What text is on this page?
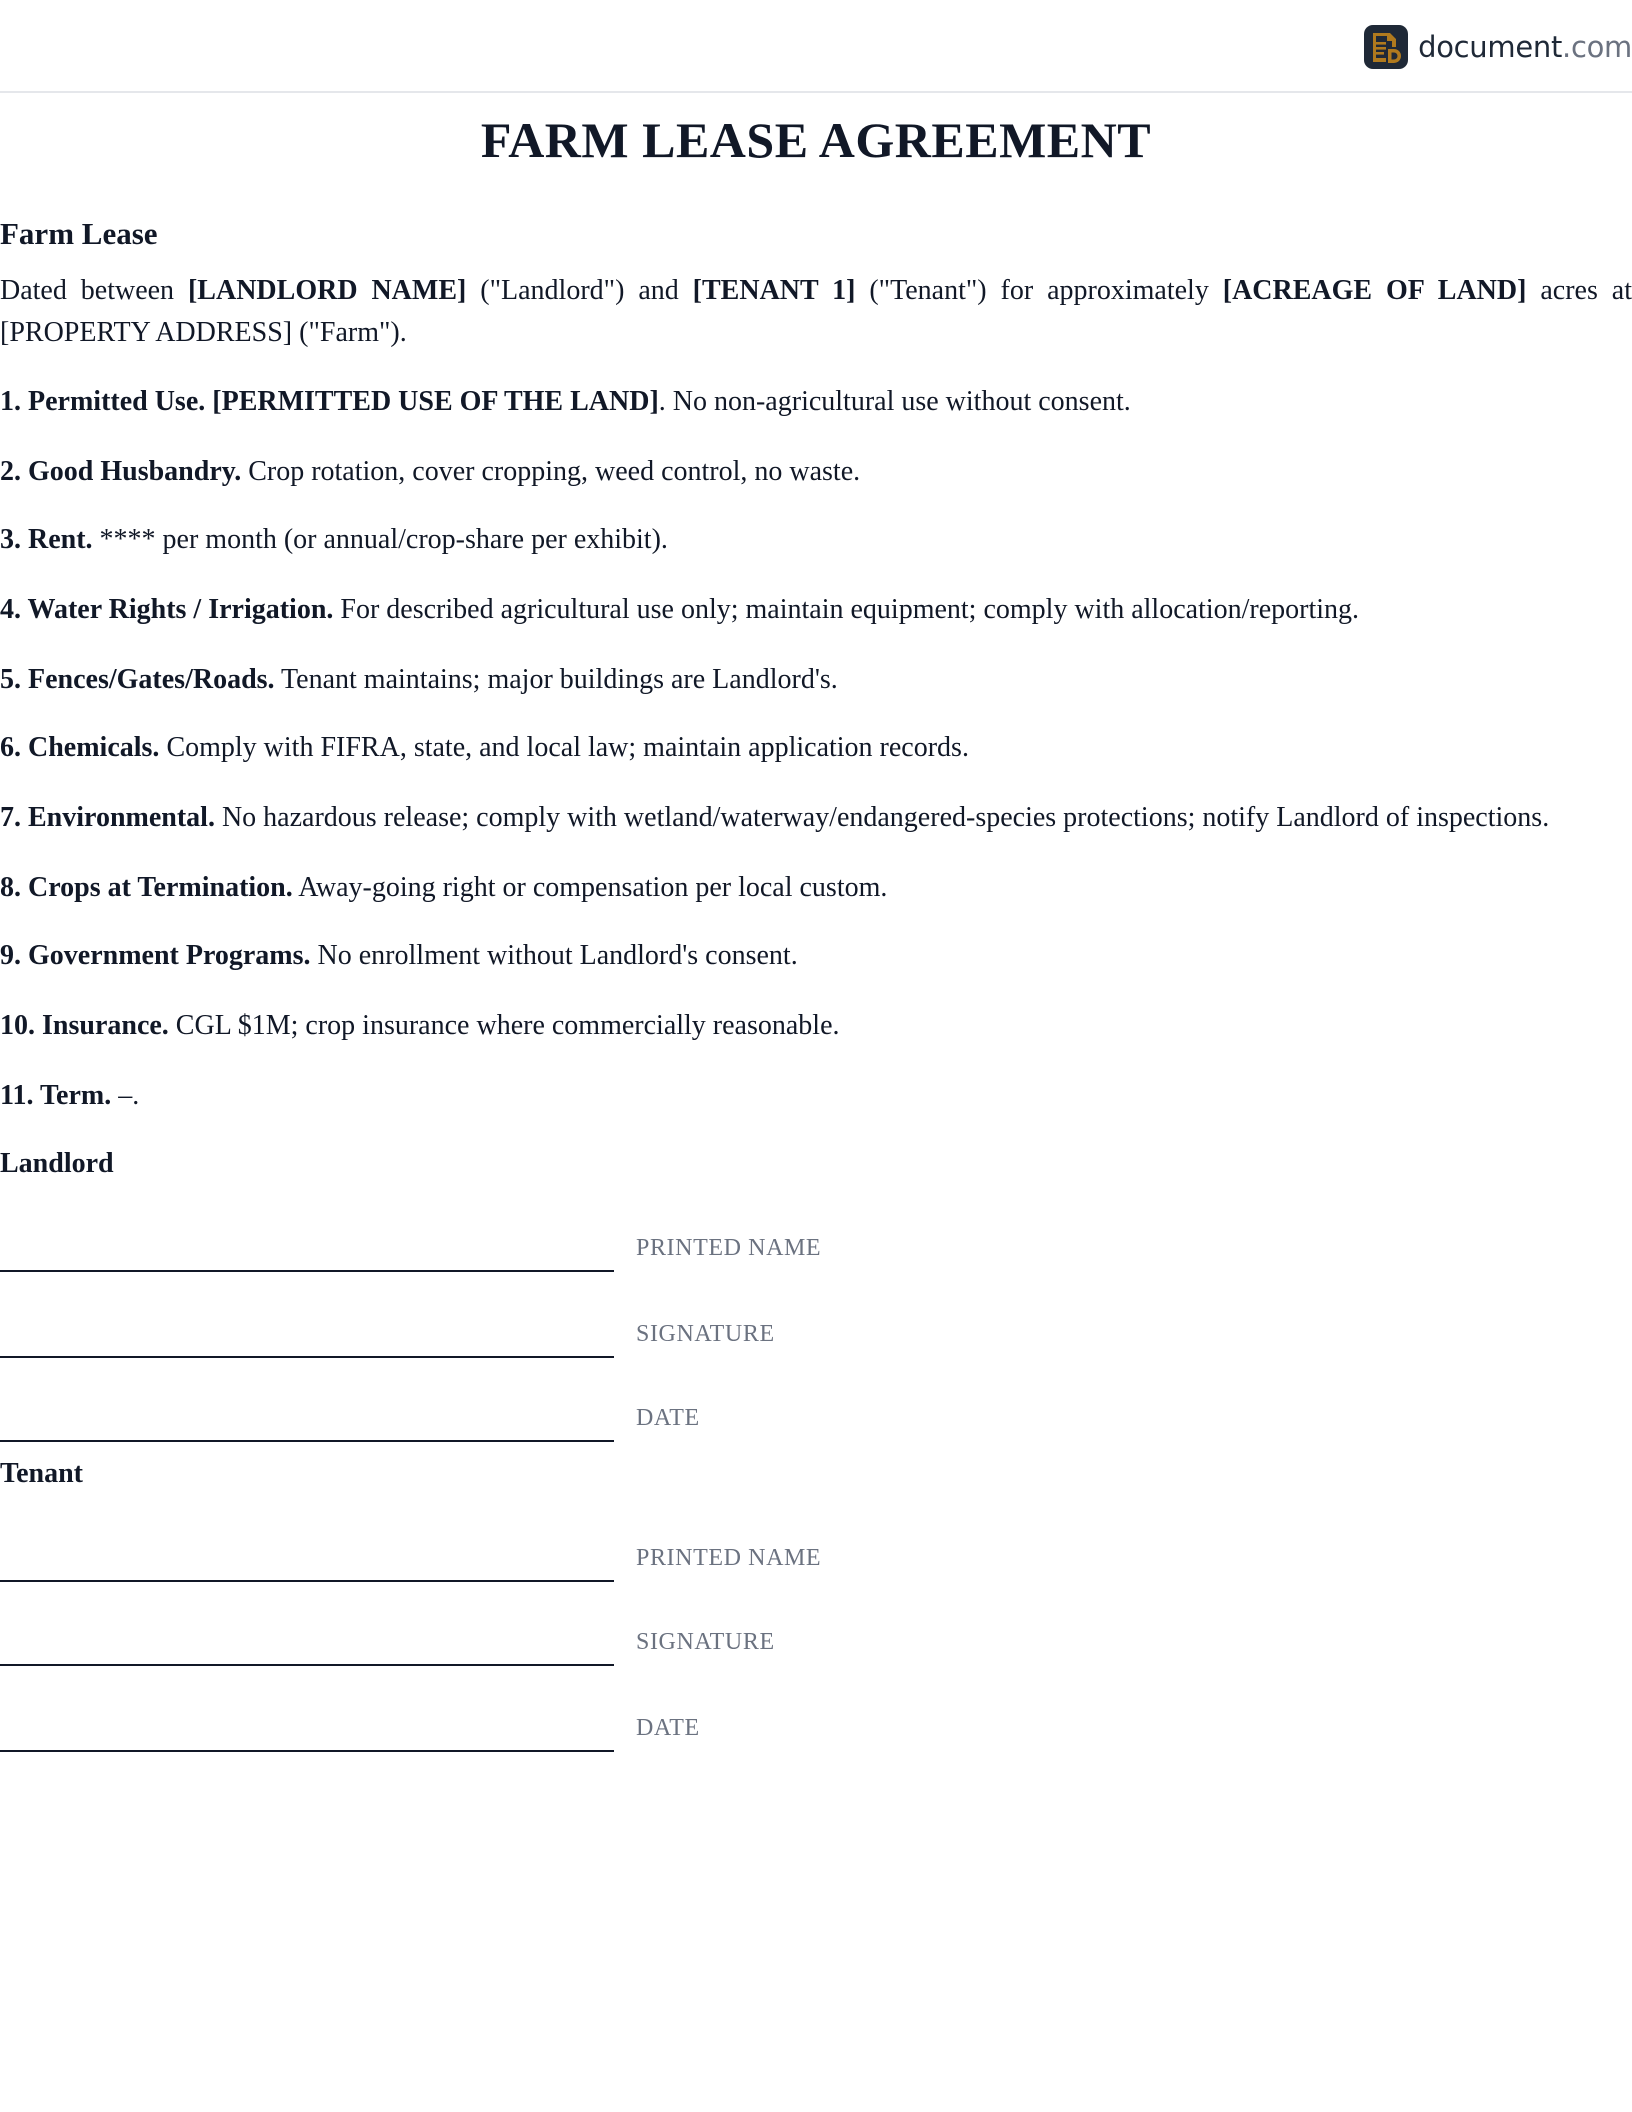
document.com
FARM LEASE AGREEMENT
Farm Lease

Dated between [LANDLORD NAME] ("Landlord") and [TENANT 1] ("Tenant") for approximately [ACREAGE OF LAND] acres at [PROPERTY ADDRESS] ("Farm").

1. Permitted Use. [PERMITTED USE OF THE LAND]. No non-agricultural use without consent.

2. Good Husbandry. Crop rotation, cover cropping, weed control, no waste.

3. Rent. **** per month (or annual/crop-share per exhibit).

4. Water Rights / Irrigation. For described agricultural use only; maintain equipment; comply with allocation/reporting.

5. Fences/Gates/Roads. Tenant maintains; major buildings are Landlord's.

6. Chemicals. Comply with FIFRA, state, and local law; maintain application records.

7. Environmental. No hazardous release; comply with wetland/waterway/endangered-species protections; notify Landlord of inspections.

8. Crops at Termination. Away-going right or compensation per local custom.

9. Government Programs. No enrollment without Landlord's consent.

10. Insurance. CGL $1M; crop insurance where commercially reasonable.

11. Term. –.

Landlord
PRINTED NAME
SIGNATURE
DATE
Tenant
PRINTED NAME
SIGNATURE
DATE
